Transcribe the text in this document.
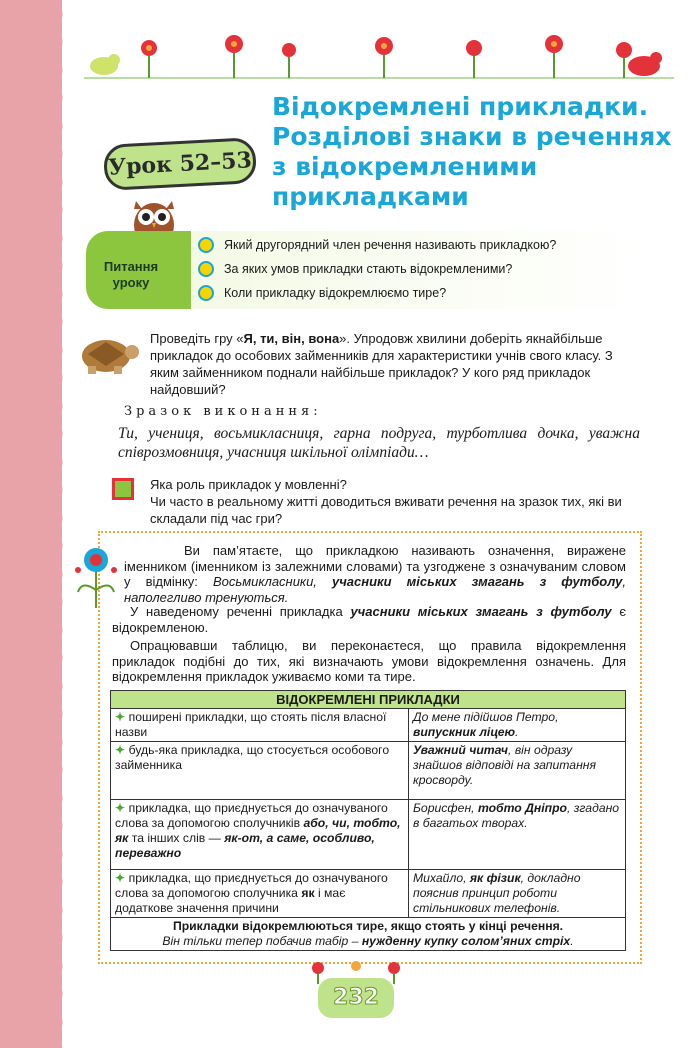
Відокремлені прикладки. Розділові знаки в реченнях з відокремленими прикладками
Урок 52–53
Питання уроку
Який другорядний член речення називають прикладкою?
За яких умов прикладки стають відокремленими?
Коли прикладку відокремлюємо тире?
Проведіть гру «Я, ти, він, вона». Упродовж хвилини доберіть якнайбільше прикладок до особових займенників для характеристики учнів свого класу. З яким займенником поднали найбільше прикладок? У кого ряд прикладок найдовший?
Зразок виконання:
Ти, учениця, восьмикласниця, гарна подруга, турботлива дочка, уважна співрозмовниця, учасниця шкільної олімпіади…
Яка роль прикладок у мовленні?
Чи часто в реальному житті доводиться вживати речення на зразок тих, які ви складали під час гри?
Ви пам’ятаєте, що прикладкою називають означення, виражене іменником (іменником із залежними словами) та узгоджене з означуваним словом у відмінку: Восьмикласники, учасники міських змагань з футболу, наполегливо тренуються.
У наведеному реченні прикладка учасники міських змагань з футболу є відокремленою.
Опрацювавши таблицю, ви переконаєтеся, що правила відокремлення прикладок подібні до тих, які визначають умови відокремлення означень. Для відокремлення прикладок уживаємо коми та тире.
ВІДОКРЕМЛЕНІ ПРИКЛАДКИ	
✦ поширені прикладки, що стоять після власної назви	До мене підійшов Петро, випускник ліцею.
✦ будь-яка прикладка, що стосується особового займенника	Уважний читач, він одразу знайшов відповіді на запитання кросворду.
✦ прикладка, що приєднується до означуваного слова за допомогою сполучників або, чи, тобто, як та інших слів — як-от, а саме, особливо, переважно	Борисфен, тобто Дніпро, згадано в багатьох творах.
✦ прикладка, що приєднується до означуваного слова за допомогою сполучника як і має додаткове значення причини	Михайло, як фізик, докладно пояснив принцип роботи стільникових телефонів.

Прикладки відокремлюються тире, якщо стоять у кінці речення.
Він тільки тепер побачив табір – нужденну купку солом’яних стріх.	
232
